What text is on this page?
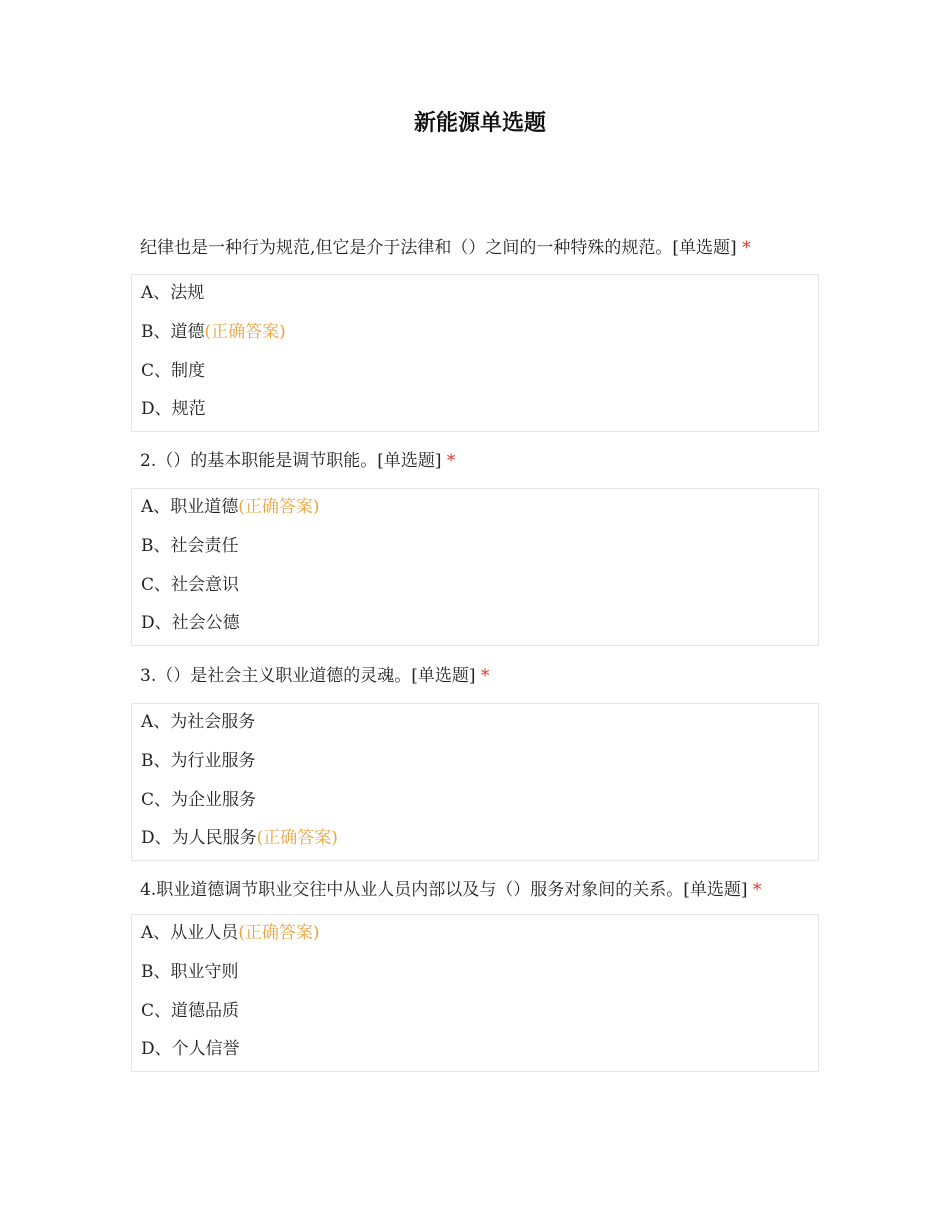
新能源单选题
纪律也是一种行为规范,但它是介于法律和（）之间的一种特殊的规范。[单选题] *
A、法规
B、道德(正确答案)
C、制度
D、规范
2.（）的基本职能是调节职能。[单选题] *
A、职业道德(正确答案)
B、社会责任
C、社会意识
D、社会公德
3.（）是社会主义职业道德的灵魂。[单选题] *
A、为社会服务
B、为行业服务
C、为企业服务
D、为人民服务(正确答案)
4.职业道德调节职业交往中从业人员内部以及与（）服务对象间的关系。[单选题] *
A、从业人员(正确答案)
B、职业守则
C、道德品质
D、个人信誉
